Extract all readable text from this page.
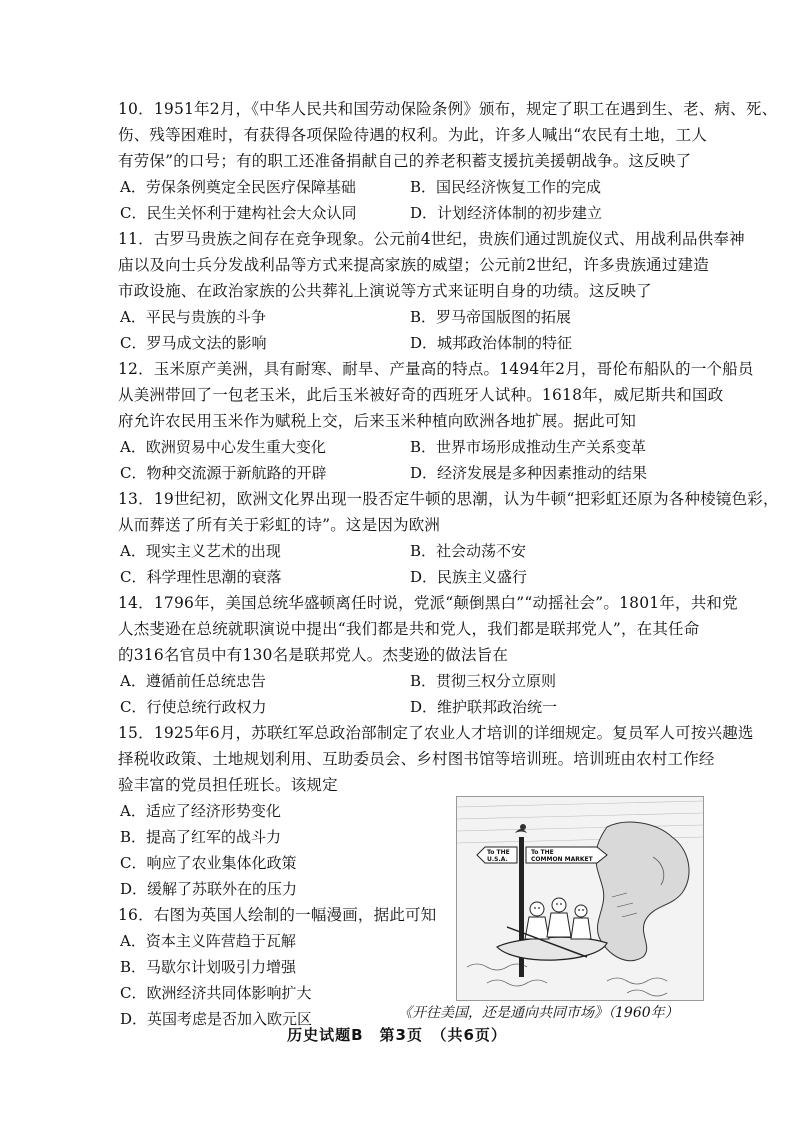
10．1951年2月，《中华人民共和国劳动保险条例》颁布，规定了职工在遇到生、老、病、死、
伤、残等困难时，有获得各项保险待遇的权利。为此，许多人喊出“农民有土地，工人
有劳保”的口号；有的职工还准备捐献自己的养老积蓄支援抗美援朝战争。这反映了
A．劳保条例奠定全民医疗保障基础	B．国民经济恢复工作的完成
C．民生关怀利于建构社会大众认同	D．计划经济体制的初步建立
11．古罗马贵族之间存在竞争现象。公元前4世纪，贵族们通过凯旋仪式、用战利品供奉神
庙以及向士兵分发战利品等方式来提高家族的威望；公元前2世纪，许多贵族通过建造
市政设施、在政治家族的公共葬礼上演说等方式来证明自身的功绩。这反映了
A．平民与贵族的斗争	B．罗马帝国版图的拓展
C．罗马成文法的影响	D．城邦政治体制的特征
12．玉米原产美洲，具有耐寒、耐旱、产量高的特点。1494年2月，哥伦布船队的一个船员
从美洲带回了一包老玉米，此后玉米被好奇的西班牙人试种。1618年，威尼斯共和国政
府允许农民用玉米作为赋税上交，后来玉米种植向欧洲各地扩展。据此可知
A．欧洲贸易中心发生重大变化	B．世界市场形成推动生产关系变革
C．物种交流源于新航路的开辟	D．经济发展是多种因素推动的结果
13．19世纪初，欧洲文化界出现一股否定牛顿的思潮，认为牛顿“把彩虹还原为各种棱镜色彩，
从而葬送了所有关于彩虹的诗”。这是因为欧洲
A．现实主义艺术的出现	B．社会动荡不安
C．科学理性思潮的衰落	D．民族主义盛行
14．1796年，美国总统华盛顿离任时说，党派“颠倒黑白”“动摇社会”。1801年，共和党
人杰斐逊在总统就职演说中提出“我们都是共和党人，我们都是联邦党人”，在其任命
的316名官员中有130名是联邦党人。杰斐逊的做法旨在
A．遵循前任总统忠告	B．贯彻三权分立原则
C．行使总统行政权力	D．维护联邦政治统一
15．1925年6月，苏联红军总政治部制定了农业人才培训的详细规定。复员军人可按兴趣选
择税收政策、土地规划利用、互助委员会、乡村图书馆等培训班。培训班由农村工作经
验丰富的党员担任班长。该规定
A．适应了经济形势变化
B．提高了红军的战斗力
C．响应了农业集体化政策
D．缓解了苏联外在的压力
16．右图为英国人绘制的一幅漫画，据此可知
A．资本主义阵营趋于瓦解
B．马歇尔计划吸引力增强
C．欧洲经济共同体影响扩大
D．英国考虑是否加入欧元区
To THE
U.S.A.
To THE
COMMON MARKET
《开往美国，还是通向共同市场》（1960年）
历史试题B　第3页　（共6页）
